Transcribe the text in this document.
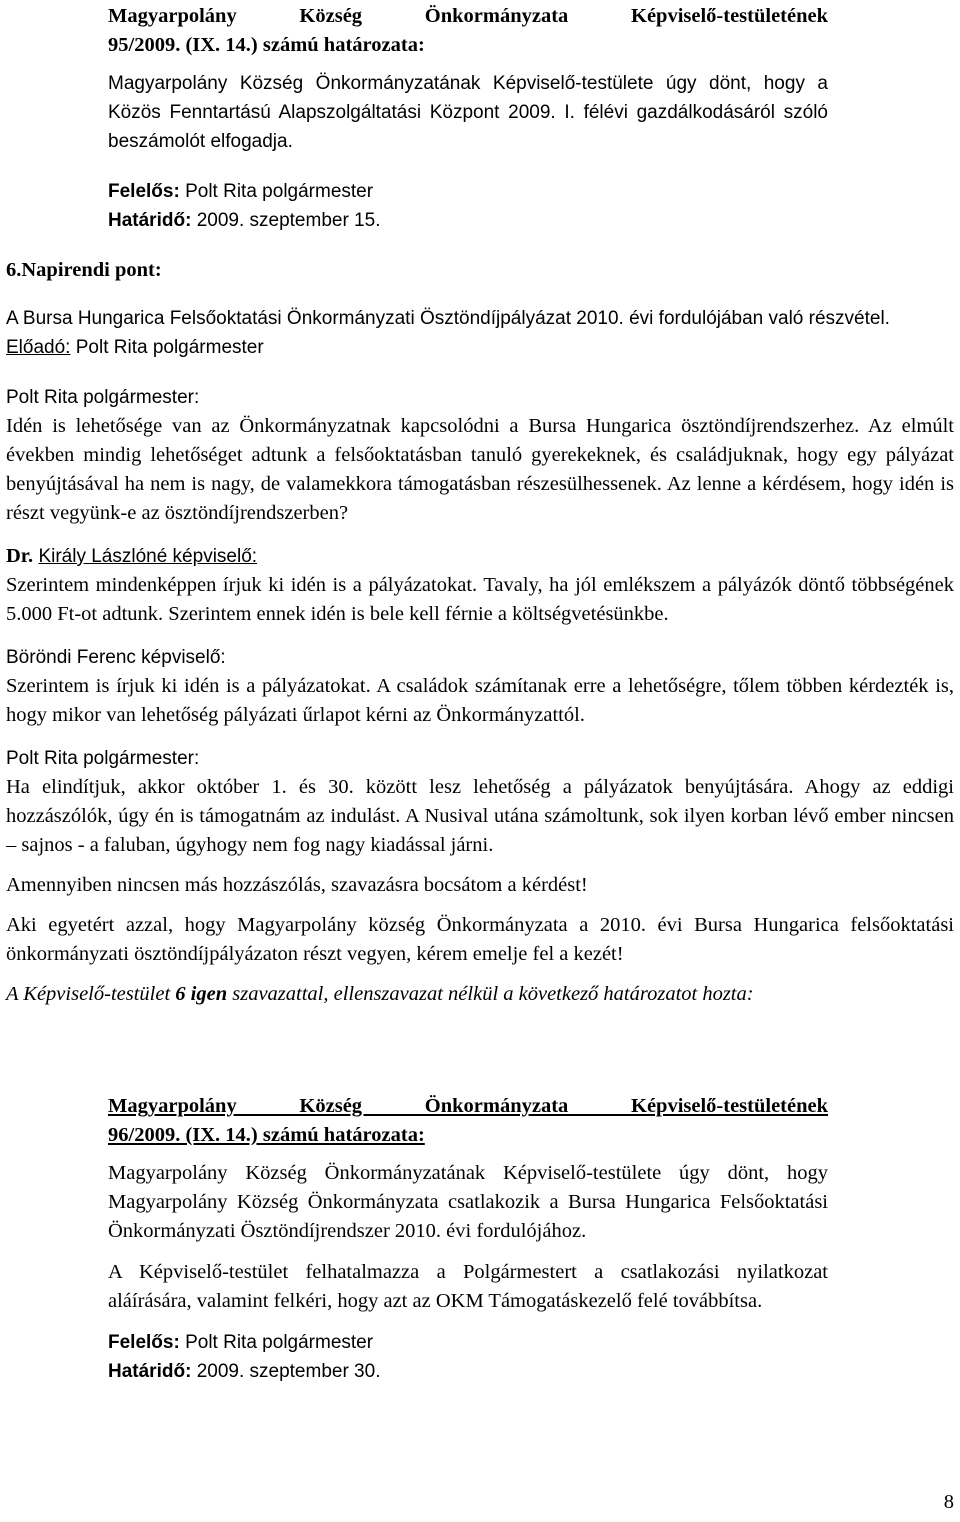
Magyarpolány Község Önkormányzata Képviselő-testületének

95/2009. (IX. 14.) számú határozata:

Magyarpolány Község Önkormányzatának Képviselő-testülete úgy dönt, hogy a Közös Fenntartású Alapszolgáltatási Központ 2009. I. félévi gazdálkodásáról szóló beszámolót elfogadja.

Felelős: Polt Rita polgármester
Határidő: 2009. szeptember 15.
6.Napirendi pont:

A Bursa Hungarica Felsőoktatási Önkormányzati Ösztöndíjpályázat 2010. évi fordulójában való részvétel.

Előadó: Polt Rita polgármester
Polt Rita polgármester:

Idén is lehetősége van az Önkormányzatnak kapcsolódni a Bursa Hungarica ösztöndíjrendszerhez. Az elmúlt években mindig lehetőséget adtunk a felsőoktatásban tanuló gyerekeknek, és családjuknak, hogy egy pályázat benyújtásával ha nem is nagy, de valamekkora támogatásban részesülhessenek. Az lenne a kérdésem, hogy idén is részt vegyünk-e az ösztöndíjrendszerben?

Dr. Király Lászlóné képviselő:

Szerintem mindenképpen írjuk ki idén is a pályázatokat. Tavaly, ha jól emlékszem a pályázók döntő többségének 5.000 Ft-ot adtunk. Szerintem ennek idén is bele kell férnie a költségvetésünkbe.

Böröndi Ferenc képviselő:

Szerintem is írjuk ki idén is a pályázatokat. A családok számítanak erre a lehetőségre, tőlem többen kérdezték is, hogy mikor van lehetőség pályázati űrlapot kérni az Önkormányzattól.

Polt Rita polgármester:

Ha elindítjuk, akkor október 1. és 30. között lesz lehetőség a pályázatok benyújtására. Ahogy az eddigi hozzászólók, úgy én is támogatnám az indulást. A Nusival utána számoltunk, sok ilyen korban lévő ember nincsen – sajnos - a faluban, úgyhogy nem fog nagy kiadással járni.

Amennyiben nincsen más hozzászólás, szavazásra bocsátom a kérdést!

Aki egyetért azzal, hogy Magyarpolány község Önkormányzata a 2010. évi Bursa Hungarica felsőoktatási önkormányzati ösztöndíjpályázaton részt vegyen, kérem emelje fel a kezét!

A Képviselő-testület 6 igen szavazattal, ellenszavazat nélkül a következő határozatot hozta:

Magyarpolány Község Önkormányzata Képviselő-testületének

96/2009. (IX. 14.) számú határozata:

Magyarpolány Község Önkormányzatának Képviselő-testülete úgy dönt, hogy Magyarpolány Község Önkormányzata csatlakozik a Bursa Hungarica Felsőoktatási Önkormányzati Ösztöndíjrendszer 2010. évi fordulójához.

A Képviselő-testület felhatalmazza a Polgármestert a csatlakozási nyilatkozat aláírására, valamint felkéri, hogy azt az OKM Támogatáskezelő felé továbbítsa.

Felelős: Polt Rita polgármester
Határidő: 2009. szeptember 30.
8
